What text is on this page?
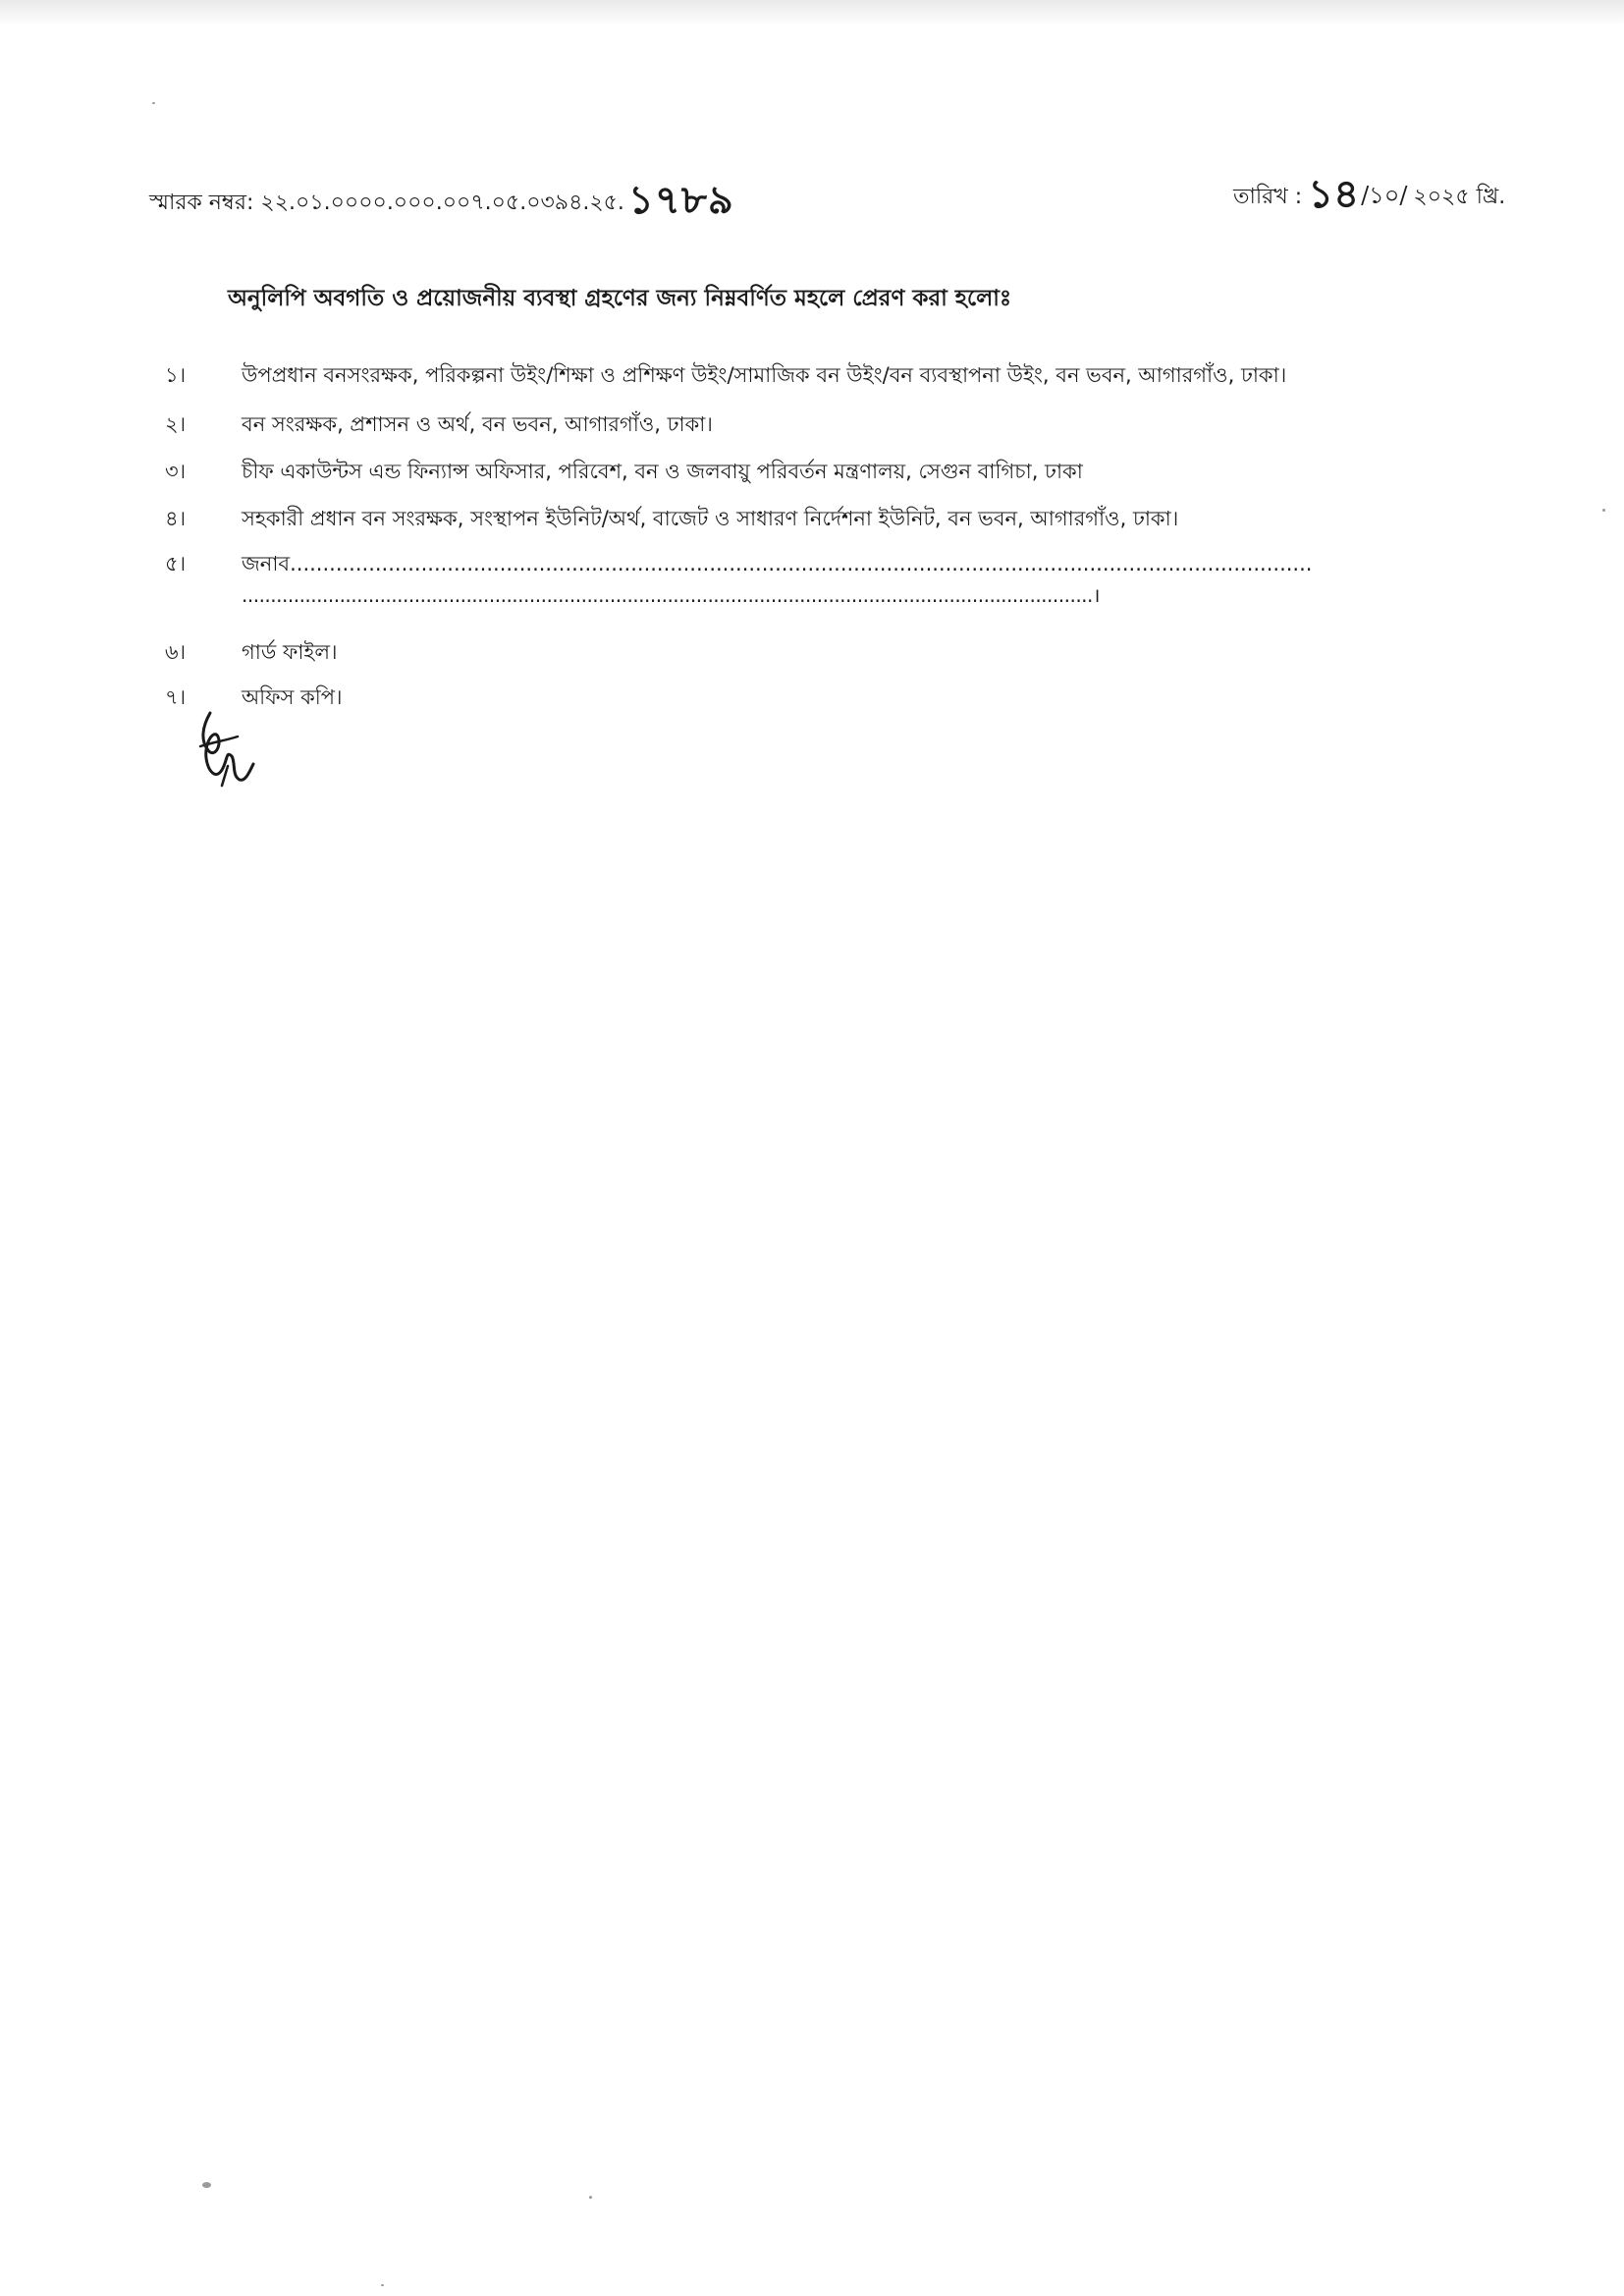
স্মারক নম্বর: ২২.০১.০০০০.০০০.০০৭.০৫.০৩৯৪.২৫. ১৭৮৯	তারিখ : ১৪/১০/ ২০২৫ খ্রি.
অনুলিপি অবগতি ও প্রয়োজনীয় ব্যবস্থা গ্রহণের জন্য নিম্নবর্ণিত মহলে প্রেরণ করা হলোঃ
১।	উপপ্রধান বনসংরক্ষক, পরিকল্পনা উইং/শিক্ষা ও প্রশিক্ষণ উইং/সামাজিক বন উইং/বন ব্যবস্থাপনা উইং, বন ভবন, আগারগাঁও, ঢাকা।
২।	বন সংরক্ষক, প্রশাসন ও অর্থ, বন ভবন, আগারগাঁও, ঢাকা।
৩।	চীফ একাউন্টস এন্ড ফিন্যান্স অফিসার, পরিবেশ, বন ও জলবায়ু পরিবর্তন মন্ত্রণালয়, সেগুন বাগিচা, ঢাকা
৪।	সহকারী প্রধান বন সংরক্ষক, সংস্থাপন ইউনিট/অর্থ, বাজেট ও সাধারণ নির্দেশনা ইউনিট, বন ভবন, আগারগাঁও, ঢাকা।
৫।	জনাব............................................................................................................................................................
....................................................................................................................................................।
৬।	গার্ড ফাইল।
৭।	অফিস কপি।
